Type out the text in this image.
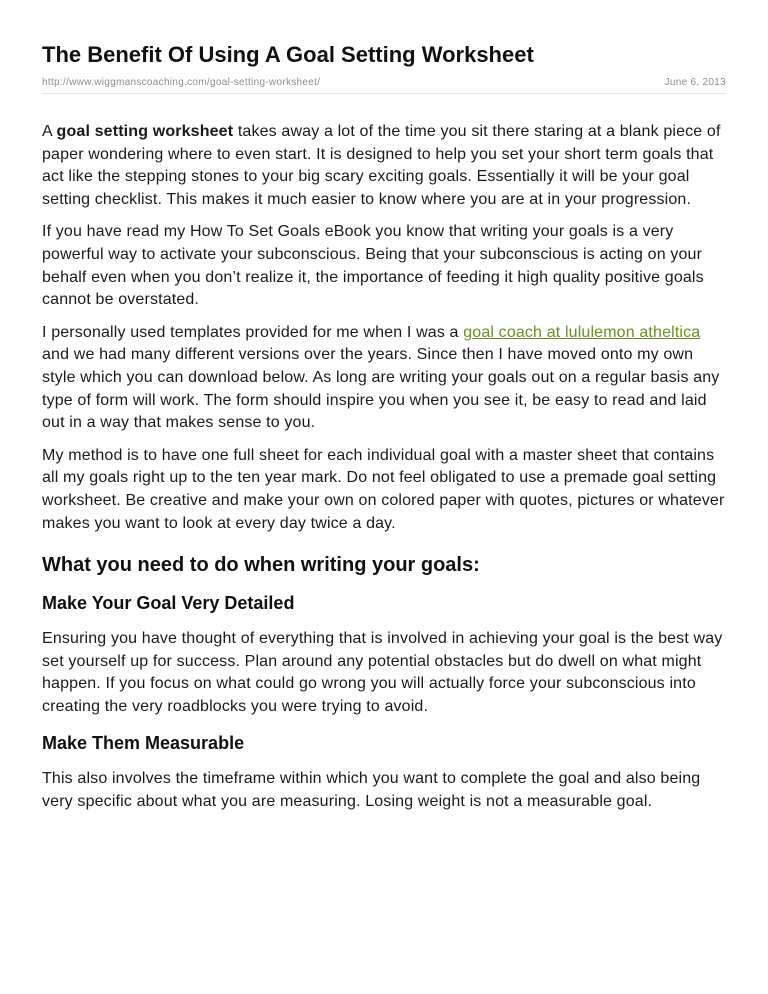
The Benefit Of Using A Goal Setting Worksheet
http://www.wiggmanscoaching.com/goal-setting-worksheet/	June 6, 2013

A goal setting worksheet takes away a lot of the time you sit there staring at a blank piece of paper wondering where to even start. It is designed to help you set your short term goals that act like the stepping stones to your big scary exciting goals. Essentially it will be your goal setting checklist. This makes it much easier to know where you are at in your progression.

If you have read my How To Set Goals eBook you know that writing your goals is a very powerful way to activate your subconscious. Being that your subconscious is acting on your behalf even when you don’t realize it, the importance of feeding it high quality positive goals cannot be overstated.

I personally used templates provided for me when I was a goal coach at lululemon atheltica and we had many different versions over the years. Since then I have moved onto my own style which you can download below. As long are writing your goals out on a regular basis any type of form will work. The form should inspire you when you see it, be easy to read and laid out in a way that makes sense to you.

My method is to have one full sheet for each individual goal with a master sheet that contains all my goals right up to the ten year mark. Do not feel obligated to use a premade goal setting worksheet. Be creative and make your own on colored paper with quotes, pictures or whatever makes you want to look at every day twice a day.

What you need to do when writing your goals:
Make Your Goal Very Detailed

Ensuring you have thought of everything that is involved in achieving your goal is the best way set yourself up for success. Plan around any potential obstacles but do dwell on what might happen. If you focus on what could go wrong you will actually force your subconscious into creating the very roadblocks you were trying to avoid.

Make Them Measurable

This also involves the timeframe within which you want to complete the goal and also being very specific about what you are measuring. Losing weight is not a measurable goal.
